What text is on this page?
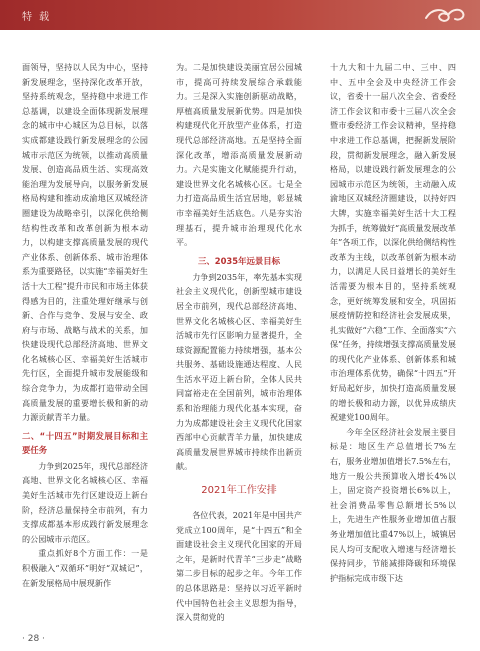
特 载

面领导，坚持以人民为中心，坚持新发展理念，坚持深化改革开放，坚持系统观念，坚持稳中求进工作总基调，以建设全面体现新发展理念的城市中心城区为总目标，以落实成都建设践行新发展理念的公园城市示范区为统领，以推动高质量发展、创造高品质生活、实现高效能治理为发展导向，以服务新发展格局构建和推动成渝地区双城经济圈建设为战略牵引，以深化供给侧结构性改革和改革创新为根本动力，以构建支撑高质量发展的现代产业体系、创新体系、城市治理体系为重要路径，以实施“幸福美好生活十大工程”提升市民和市场主体获得感为目的，注重处理好继承与创新、合作与竞争、发展与安全、政府与市场、战略与战术的关系，加快建设现代总部经济高地、世界文化名城核心区、幸福美好生活城市先行区，全面提升城市发展能级和综合竞争力，为成都打造带动全国高质量发展的重要增长极和新的动力源贡献青羊力量。

二、“十四五”时期发展目标和主要任务

力争到2025年，现代总部经济高地、世界文化名城核心区、幸福美好生活城市先行区建设迈上新台阶，经济总量保持全市前列，有力支撑成都基本形成践行新发展理念的公园城市示范区。

重点抓好8个方面工作：一是积极融入“双循环”明好“双城记”，在新发展格局中展现新作

为。二是加快建设美丽宜居公园城市，提高可持续发展综合承载能力。三是深入实施创新驱动战略，厚植高质量发展新优势。四是加快构建现代化开放型产业体系，打造现代总部经济高地。五是坚持全面深化改革，增添高质量发展新动力。六是实施文化赋能提升行动，建设世界文化名城核心区。七是全力打造高品质生活宜居地，彰显城市幸福美好生活底色。八是夯实治理基石，提升城市治理现代化水平。

三、2035年远景目标

力争到2035年，率先基本实现社会主义现代化，创新型城市建设居全市前列，现代总部经济高地、世界文化名城核心区、幸福美好生活城市先行区影响力显著提升，全球资源配置能力持续增强，基本公共服务、基础设施通达程度、人民生活水平迈上新台阶，全体人民共同富裕走在全国前列，城市治理体系和治理能力现代化基本实现，奋力为成都建设社会主义现代化国家西部中心贡献青羊力量，加快建成高质量发展世界城市持续作出新贡献。

2021年工作安排

各位代表，2021年是中国共产党成立100周年，是“十四五”和全面建设社会主义现代化国家的开局之年，是新时代青羊“三步走”战略第二步目标的起步之年。今年工作的总体思路是：坚持以习近平新时代中国特色社会主义思想为指导，深入贯彻党的

十九大和十九届二中、三中、四中、五中全会及中央经济工作会议，省委十一届八次全会、省委经济工作会议和市委十三届八次全会暨市委经济工作会议精神，坚持稳中求进工作总基调，把握新发展阶段，贯彻新发展理念，融入新发展格局，以建设践行新发展理念的公园城市示范区为统领，主动融入成渝地区双城经济圈建设，以持好四大牌，实施幸福美好生活十大工程为抓手，统筹做好“高质量发展改革年”各项工作，以深化供给侧结构性改革为主线，以改革创新为根本动力，以满足人民日益增长的美好生活需要为根本目的，坚持系统观念，更好统筹发展和安全，巩固拓展疫情防控和经济社会发展成果，扎实做好“六稳”工作、全面落实“六保”任务，持续增强支撑高质量发展的现代化产业体系、创新体系和城市治理体系优势，确保“十四五”开好局起好步，加快打造高质量发展的增长极和动力源，以优异成绩庆祝建党100周年。

今年全区经济社会发展主要目标是：地区生产总值增长7%左右，服务业增加值增长7.5%左右，地方一般公共预算收入增长4%以上，固定资产投资增长6%以上，社会消费品零售总额增长5%以上，先进生产性服务业增加值占服务业增加值比重47%以上，城镇居民人均可支配收入增速与经济增长保持同步，节能减排降碳和环境保护指标完成市级下达

· 28 ·
